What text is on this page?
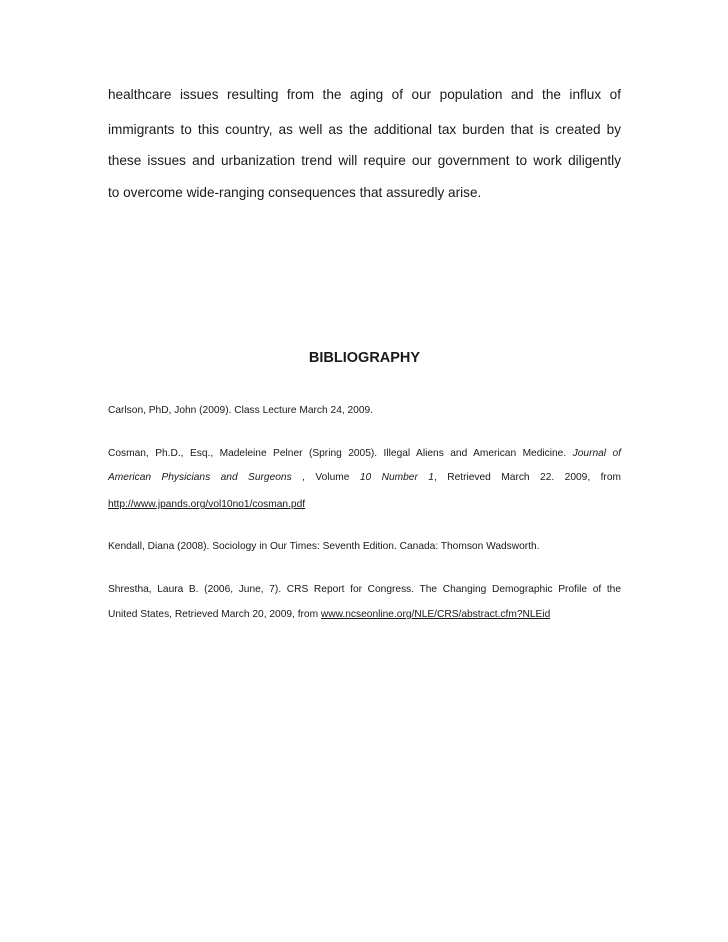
healthcare issues resulting from the aging of our population and the influx of
immigrants to this country, as well as the additional tax burden that is created by
these issues and urbanization trend will require our government to work diligently
to overcome wide-ranging consequences that assuredly arise.
BIBLIOGRAPHY
Carlson, PhD, John (2009). Class Lecture March 24, 2009.
Cosman, Ph.D., Esq., Madeleine Pelner (Spring 2005). Illegal Aliens and American Medicine. Journal of
American Physicians and Surgeons , Volume 10 Number 1, Retrieved March 22. 2009, from
http://www.jpands.org/vol10no1/cosman.pdf
Kendall, Diana (2008). Sociology in Our Times: Seventh Edition. Canada: Thomson Wadsworth.
Shrestha, Laura B. (2006, June, 7). CRS Report for Congress. The Changing Demographic Profile of the
United States, Retrieved March 20, 2009, from www.ncseonline.org/NLE/CRS/abstract.cfm?NLEid
